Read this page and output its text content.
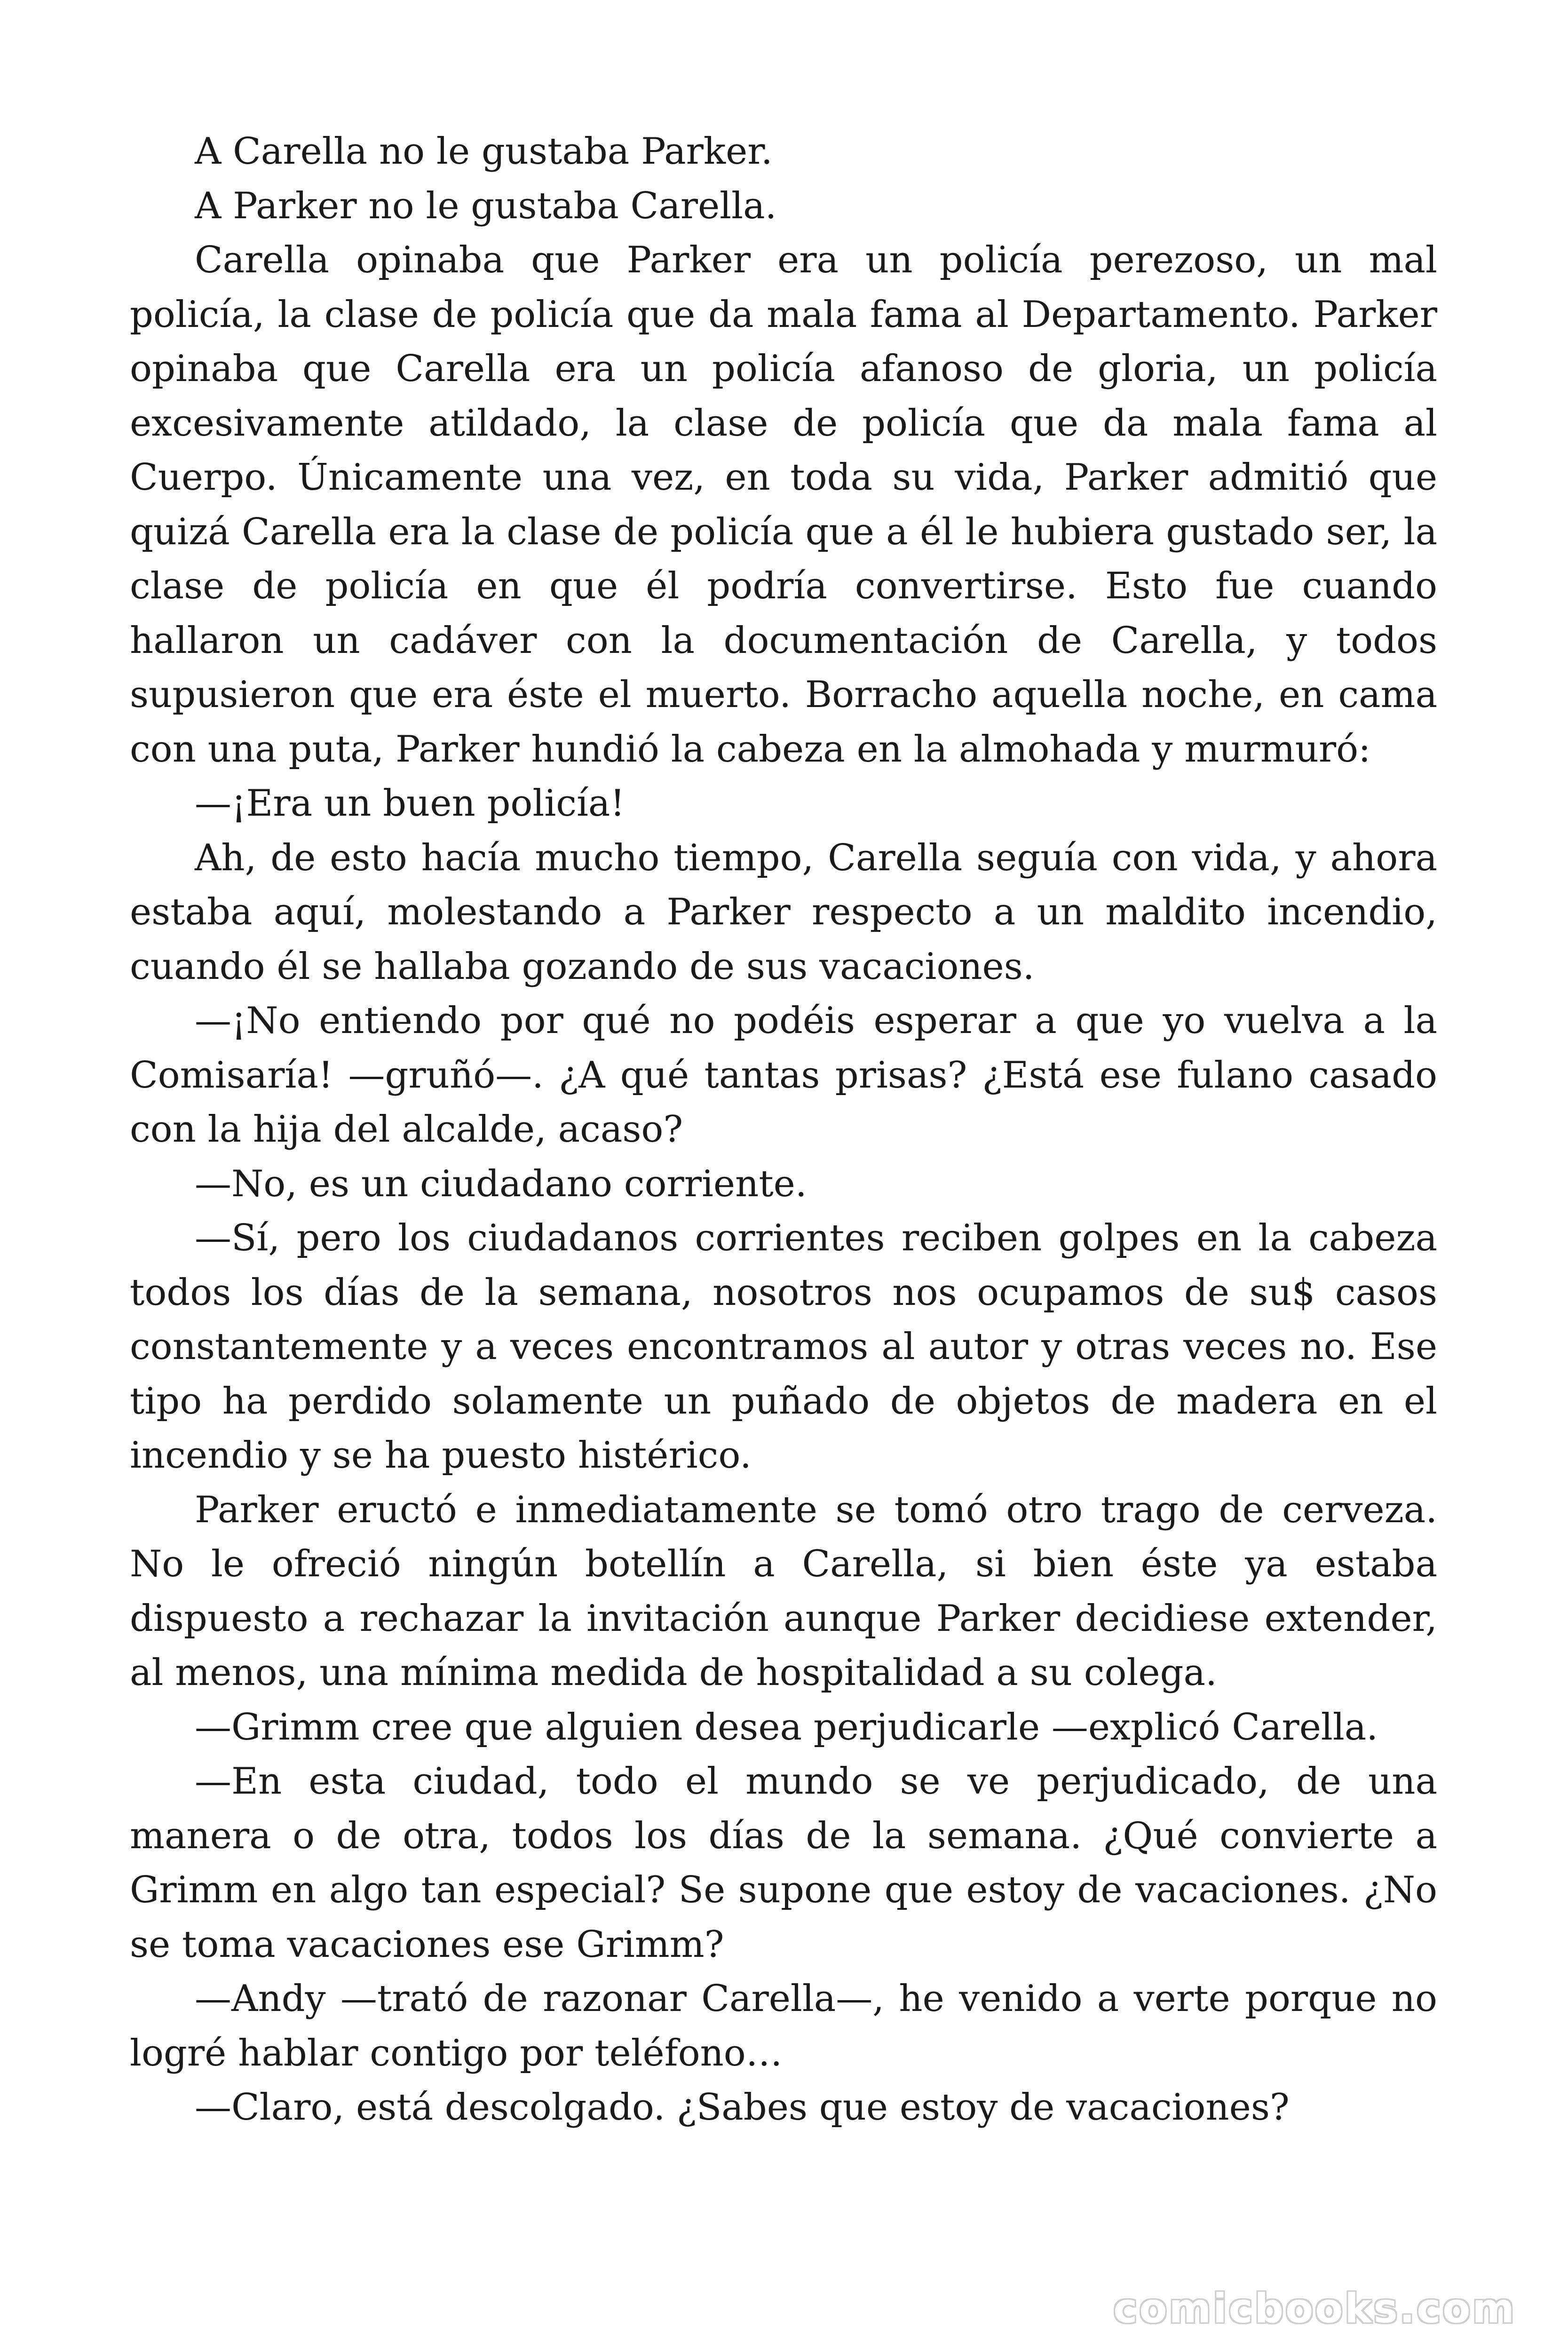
A Carella no le gustaba Parker.

A Parker no le gustaba Carella.

Carella opinaba que Parker era un policía perezoso, un mal policía, la clase de policía que da mala fama al Departamento. Parker opinaba que Carella era un policía afanoso de gloria, un policía excesivamente atildado, la clase de policía que da mala fama al Cuerpo. Únicamente una vez, en toda su vida, Parker admitió que quizá Carella era la clase de policía que a él le hubiera gustado ser, la clase de policía en que él podría convertirse. Esto fue cuando hallaron un cadáver con la documentación de Carella, y todos supusieron que era éste el muerto. Borracho aquella noche, en cama con una puta, Parker hundió la cabeza en la almohada y murmuró:

—¡Era un buen policía!

Ah, de esto hacía mucho tiempo, Carella seguía con vida, y ahora estaba aquí, molestando a Parker respecto a un maldito incendio, cuando él se hallaba gozando de sus vacaciones.

—¡No entiendo por qué no podéis esperar a que yo vuelva a la Comisaría! —gruñó—. ¿A qué tantas prisas? ¿Está ese fulano casado con la hija del alcalde, acaso?

—No, es un ciudadano corriente.

—Sí, pero los ciudadanos corrientes reciben golpes en la cabeza todos los días de la semana, nosotros nos ocupamos de su$ casos constantemente y a veces encontramos al autor y otras veces no. Ese tipo ha perdido solamente un puñado de objetos de madera en el incendio y se ha puesto histérico.

Parker eructó e inmediatamente se tomó otro trago de cerveza. No le ofreció ningún botellín a Carella, si bien éste ya estaba dispuesto a rechazar la invitación aunque Parker decidiese extender, al menos, una mínima medida de hospitalidad a su colega.

—Grimm cree que alguien desea perjudicarle —explicó Carella.

—En esta ciudad, todo el mundo se ve perjudicado, de una manera o de otra, todos los días de la semana. ¿Qué convierte a Grimm en algo tan especial? Se supone que estoy de vacaciones. ¿No se toma vacaciones ese Grimm?

—Andy —trató de razonar Carella—, he venido a verte porque no logré hablar contigo por teléfono…

—Claro, está descolgado. ¿Sabes que estoy de vacaciones?

comicbooks.com
